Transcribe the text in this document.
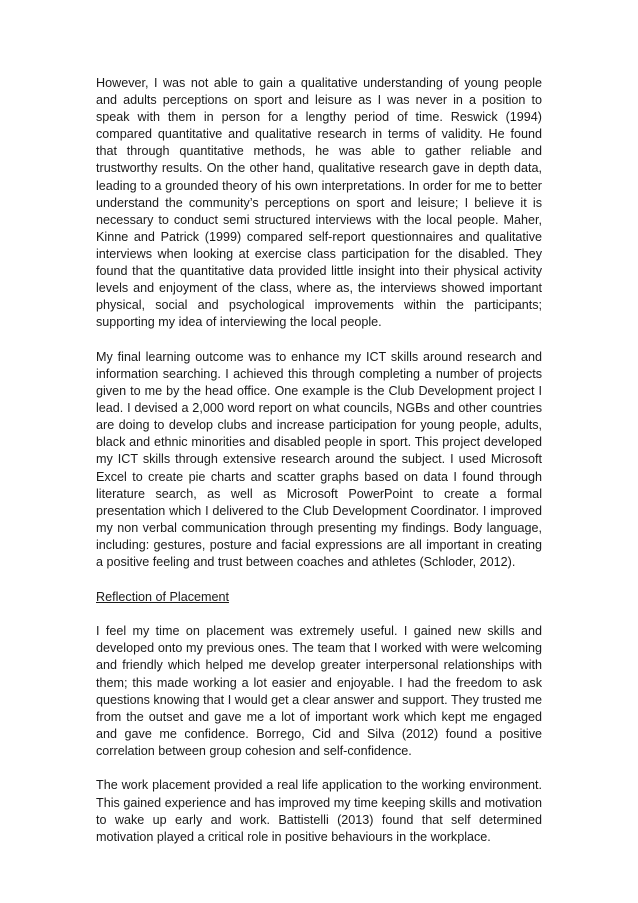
However, I was not able to gain a qualitative understanding of young people and adults perceptions on sport and leisure as I was never in a position to speak with them in person for a lengthy period of time. Reswick (1994) compared quantitative and qualitative research in terms of validity. He found that through quantitative methods, he was able to gather reliable and trustworthy results. On the other hand, qualitative research gave in depth data, leading to a grounded theory of his own interpretations. In order for me to better understand the community’s perceptions on sport and leisure; I believe it is necessary to conduct semi structured interviews with the local people. Maher, Kinne and Patrick (1999) compared self-report questionnaires and qualitative interviews when looking at exercise class participation for the disabled. They found that the quantitative data provided little insight into their physical activity levels and enjoyment of the class, where as, the interviews showed important physical, social and psychological improvements within the participants; supporting my idea of interviewing the local people.

My final learning outcome was to enhance my ICT skills around research and information searching. I achieved this through completing a number of projects given to me by the head office. One example is the Club Development project I lead. I devised a 2,000 word report on what councils, NGBs and other countries are doing to develop clubs and increase participation for young people, adults, black and ethnic minorities and disabled people in sport. This project developed my ICT skills through extensive research around the subject. I used Microsoft Excel to create pie charts and scatter graphs based on data I found through literature search, as well as Microsoft PowerPoint to create a formal presentation which I delivered to the Club Development Coordinator. I improved my non verbal communication through presenting my findings. Body language, including: gestures, posture and facial expressions are all important in creating a positive feeling and trust between coaches and athletes (Schloder, 2012).

Reflection of Placement

I feel my time on placement was extremely useful. I gained new skills and developed onto my previous ones. The team that I worked with were welcoming and friendly which helped me develop greater interpersonal relationships with them; this made working a lot easier and enjoyable. I had the freedom to ask questions knowing that I would get a clear answer and support. They trusted me from the outset and gave me a lot of important work which kept me engaged and gave me confidence. Borrego, Cid and Silva (2012) found a positive correlation between group cohesion and self-confidence.

The work placement provided a real life application to the working environment. This gained experience and has improved my time keeping skills and motivation to wake up early and work. Battistelli (2013) found that self determined motivation played a critical role in positive behaviours in the workplace.
